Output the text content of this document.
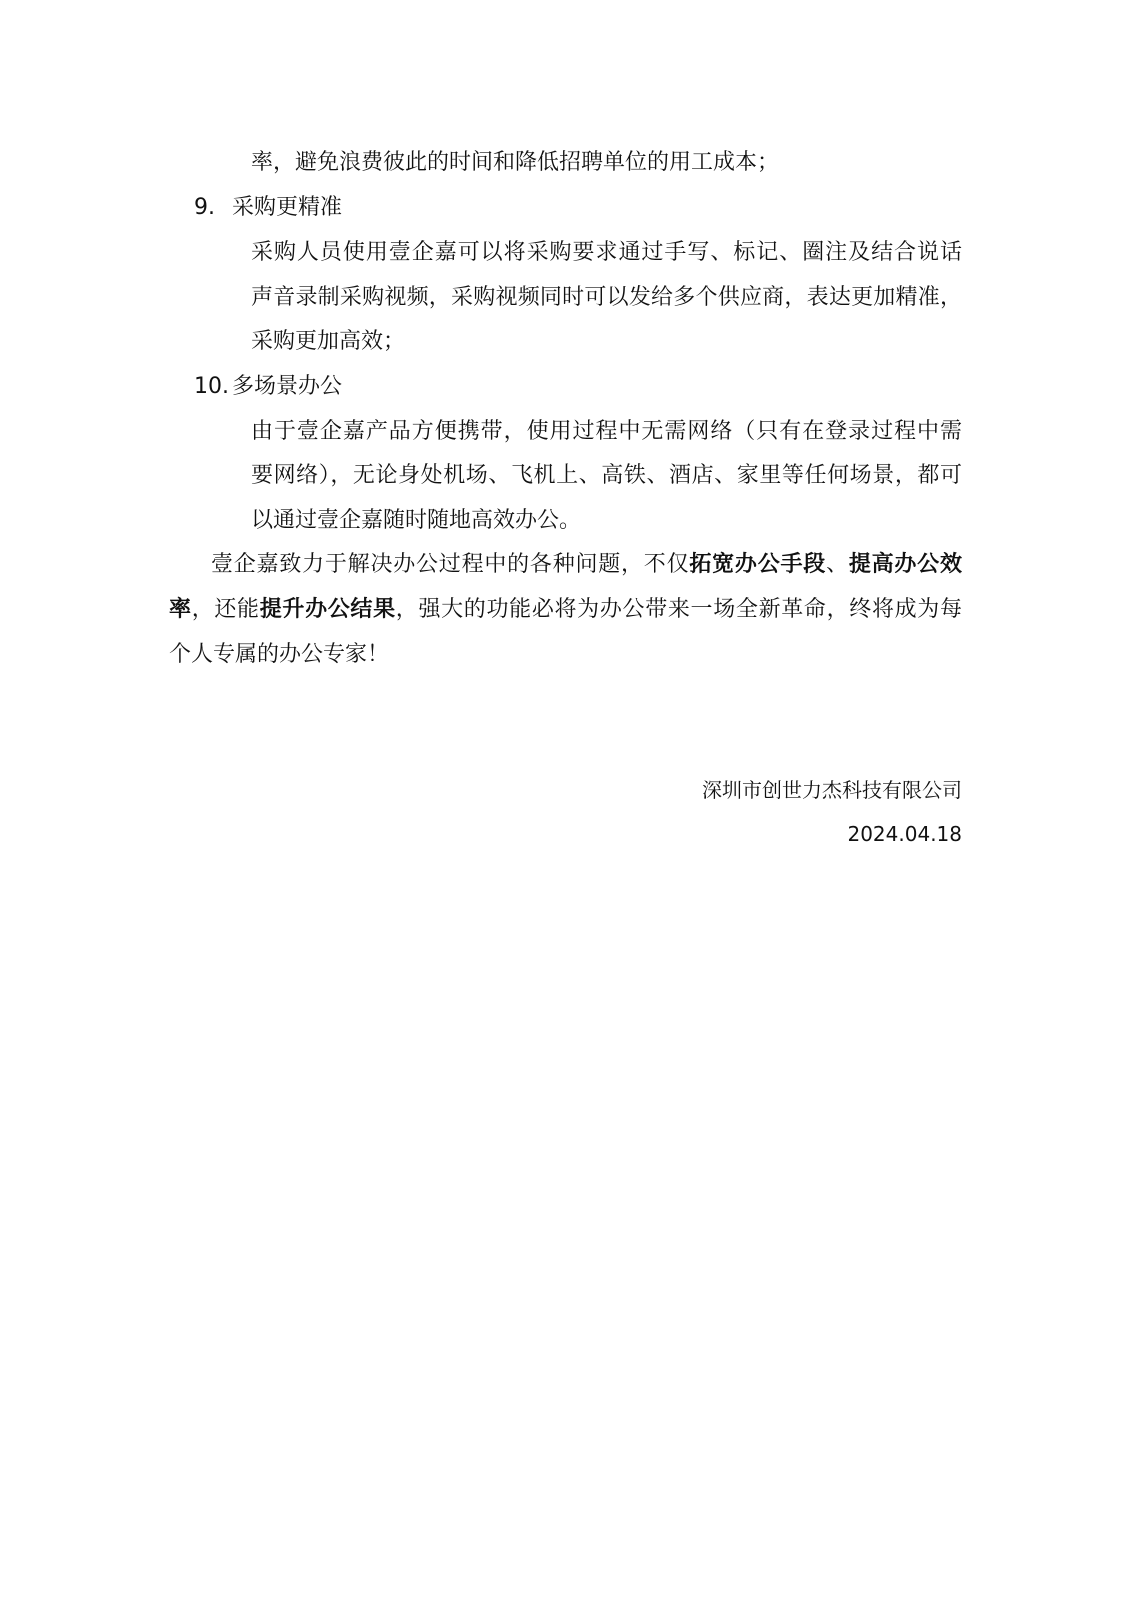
率，避免浪费彼此的时间和降低招聘单位的用工成本；
9. 采购更精准
采购人员使用壹企嘉可以将采购要求通过手写、标记、圈注及结合说话
声音录制采购视频，采购视频同时可以发给多个供应商，表达更加精准，
采购更加高效；
10. 多场景办公
由于壹企嘉产品方便携带，使用过程中无需网络（只有在登录过程中需
要网络），无论身处机场、飞机上、高铁、酒店、家里等任何场景，都可
以通过壹企嘉随时随地高效办公。
壹企嘉致力于解决办公过程中的各种问题，不仅拓宽办公手段、提高办公效
率，还能提升办公结果，强大的功能必将为办公带来一场全新革命，终将成为每
个人专属的办公专家！
深圳市创世力杰科技有限公司
2024.04.18
